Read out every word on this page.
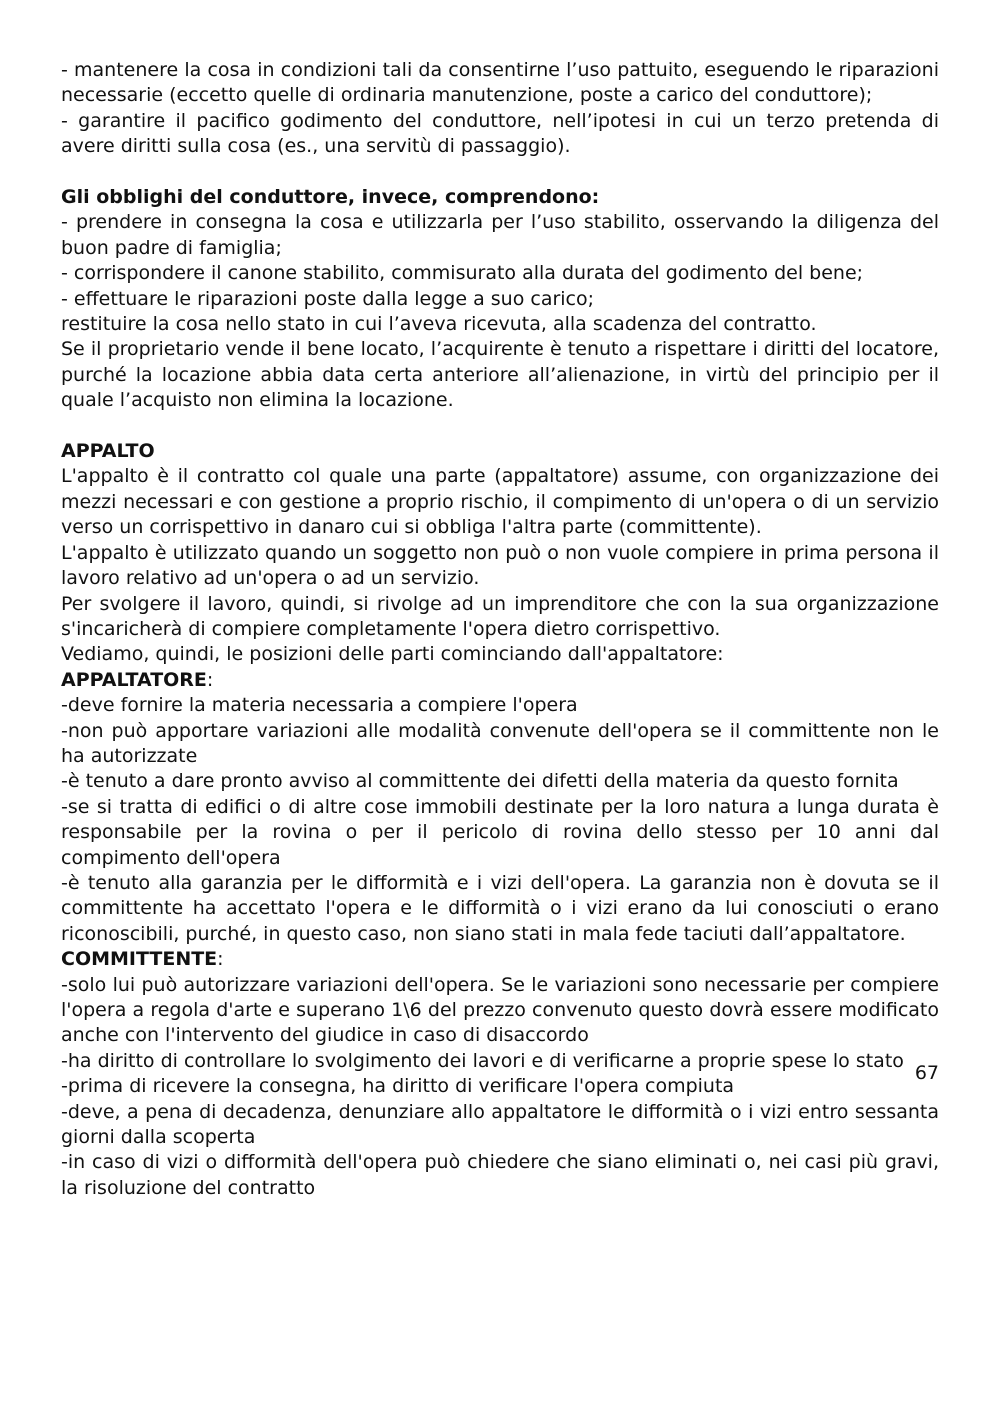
- mantenere la cosa in condizioni tali da consentirne l’uso pattuito, eseguendo le riparazioni necessarie (eccetto quelle di ordinaria manutenzione, poste a carico del conduttore);

- garantire il pacifico godimento del conduttore, nell’ipotesi in cui un terzo pretenda di avere diritti sulla cosa (es., una servitù di passaggio).

Gli obblighi del conduttore, invece, comprendono:

- prendere in consegna la cosa e utilizzarla per l’uso stabilito, osservando la diligenza del buon padre di famiglia;

- corrispondere il canone stabilito, commisurato alla durata del godimento del bene;

- effettuare le riparazioni poste dalla legge a suo carico;

restituire la cosa nello stato in cui l’aveva ricevuta, alla scadenza del contratto.

Se il proprietario vende il bene locato, l’acquirente è tenuto a rispettare i diritti del locatore, purché la locazione abbia data certa anteriore all’alienazione, in virtù del principio per il quale l’acquisto non elimina la locazione.

APPALTO

L'appalto è il contratto col quale una parte (appaltatore) assume, con organizzazione dei mezzi necessari e con gestione a proprio rischio, il compimento di un'opera o di un servizio verso un corrispettivo in danaro cui si obbliga l'altra parte (committente).

L'appalto è utilizzato quando un soggetto non può o non vuole compiere in prima persona il lavoro relativo ad un'opera o ad un servizio.

Per svolgere il lavoro, quindi, si rivolge ad un imprenditore che con la sua organizzazione s'incaricherà di compiere completamente l'opera dietro corrispettivo.

Vediamo, quindi, le posizioni delle parti cominciando dall'appaltatore:

APPALTATORE:

-deve fornire la materia necessaria a compiere l'opera

-non può apportare variazioni alle modalità convenute dell'opera se il committente non le ha autorizzate

-è tenuto a dare pronto avviso al committente dei difetti della materia da questo fornita

-se si tratta di edifici o di altre cose immobili destinate per la loro natura a lunga durata è responsabile per la rovina o per il pericolo di rovina dello stesso per 10 anni dal compimento dell'opera

-è tenuto alla garanzia per le difformità e i vizi dell'opera. La garanzia non è dovuta se il committente ha accettato l'opera e le difformità o i vizi erano da lui conosciuti o erano riconoscibili, purché, in questo caso, non siano stati in mala fede taciuti dall’appaltatore.

COMMITTENTE:

-solo lui può autorizzare variazioni dell'opera. Se le variazioni sono necessarie per compiere l'opera a regola d'arte e superano 1\6 del prezzo convenuto questo dovrà essere modificato anche con l'intervento del giudice in caso di disaccordo

-ha diritto di controllare lo svolgimento dei lavori e di verificarne a proprie spese lo stato

-prima di ricevere la consegna, ha diritto di verificare l'opera compiuta

-deve, a pena di decadenza, denunziare allo appaltatore le difformità o i vizi entro sessanta giorni dalla scoperta

-in caso di vizi o difformità dell'opera può chiedere che siano eliminati o, nei casi più gravi, la risoluzione del contratto

67
